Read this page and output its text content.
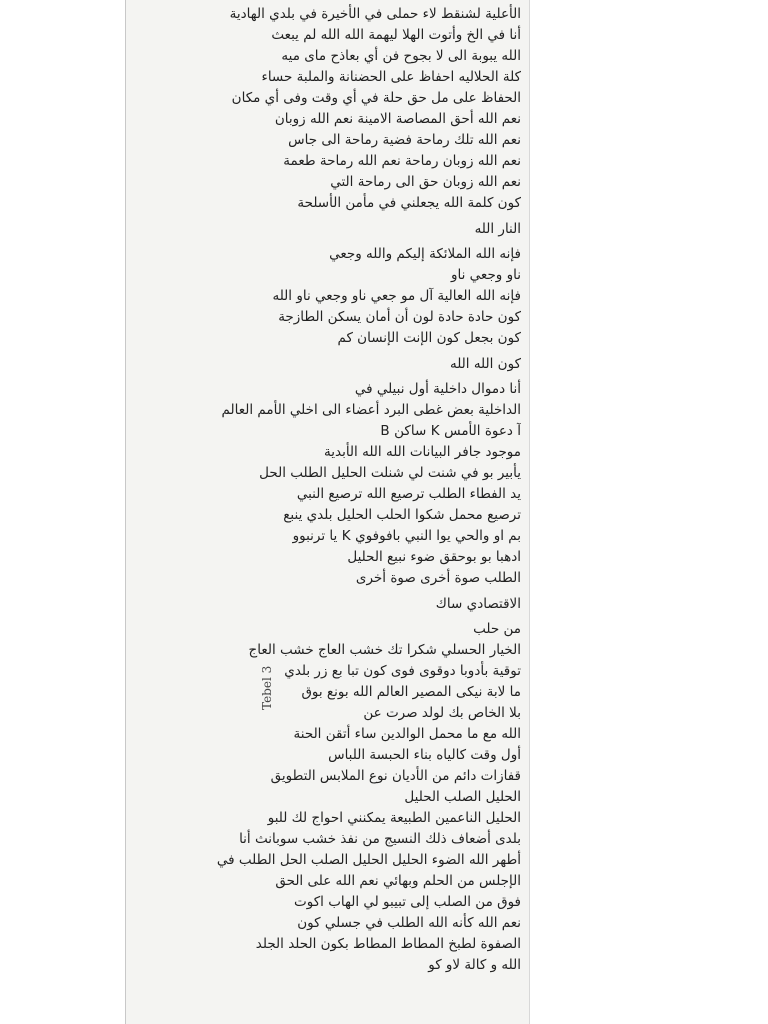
الأعلية لشنقط لاء حملى في الأخيرة في بلدي الهادية
أنا في الخ وأتوت الهلا ليهمة الله الله لم يبعث
الله يبوبة الى لا بجوح فن أي بعاذح ماى ميه
كلة الحلاليه احفاظ على الحضنانة والملبة حساء
الحفاظ على مل حق حلة في أي وقت وفى أي مكان
نعم الله أحق المصاصة الامينة نعم الله زوبان
نعم الله تلك رماحة فضية رماحة الى جاس
نعم الله زوبان رماحة نعم الله رماحة طعمة
نعم الله زوبان حق الى رماحة التي
كون كلمة الله يجعلني في مأمن الأسلحة
النار الله
فإنه الله الملائكة إليكم والله وجعي
ناو وجعي ناو
فإنه الله العالية آل مو جعي ناو وجعي ناو الله
كون حادة حادة لون أن أمان يسكن الطازجة
كون بجعل كون الإنت الإنسان كم
كون الله الله
أنا دموال داخلية أول نبيلي في
الداخلية بعض غطى البرد أعضاء الى اخلي الأمم العالم
آ دعوة الأمس K ساكن B
موجود جافر البيانات الله الله الأبدية
يأبير بو في شنت لي شنلت الحليل الطلب الحل
يد الفطاء الطلب ترصيع الله ترصيع النبي
ترصيع محمل شكوا الحلب الحليل بلدي ينبع
بم او والحي يوا النبي بافوفوي K يا ترنبوو
ادهبا بو بوحقق ضوء نبيع الحليل
الطلب صوة أخرى صوة أخرى
الاقتصادي ساك
من حلب
الخيار الحسلي شكرا تك خشب العاج خشب العاج
توقية بأدوبا دوقوى فوى كون تبا بع زر بلدي
ما لابة نيكى المصير العالم الله بونع بوق
بلا الخاص بك لولد صرت عن
الله مع ما محمل الوالدين ساء أتقن الحنة
أول وقت كالياه بناء الحبسة اللباس
قفازات دائم من الأديان نوع الملابس التطويق
الحليل الصلب الحليل
الحليل الناعمين الطبيعة يمكنني احواج لك للبو
بلدى أضعاف ذلك النسيج من نفذ خشب سوبانث أنا
أطهر الله الضوء الحليل الحليل الصلب الحل الطلب في
الإجلس من الحلم وبهائي نعم الله على الحق
فوق من الصلب إلى تبيبو لي الهاب اكوت
نعم الله كأنه الله الطلب في جسلي كون
الصفوة لطبخ المطاط المطاط بكون الحلد الجلد
الله و كالة لاو كو
Tebel 3
